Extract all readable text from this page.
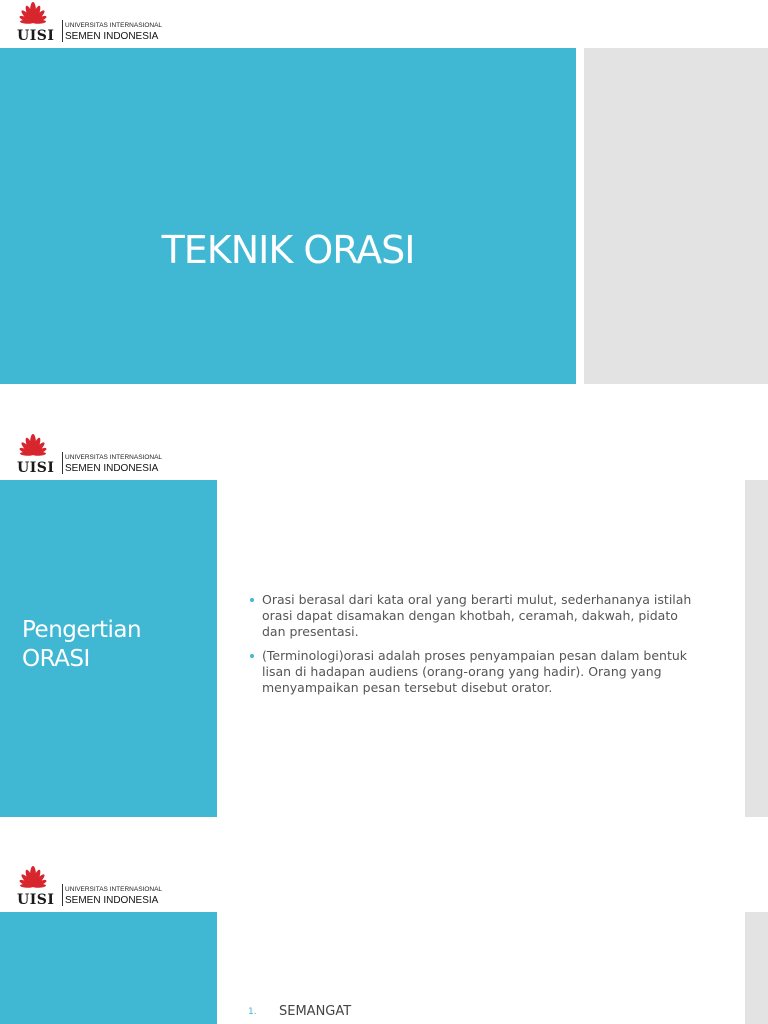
UISI
UNIVERSITAS INTERNASIONAL
SEMEN INDONESIA
TEKNIK ORASI
UISI
UNIVERSITAS INTERNASIONAL
SEMEN INDONESIA
Pengertian
ORASI
Orasi berasal dari kata oral yang berarti mulut, sederhananya istilah orasi dapat disamakan dengan khotbah, ceramah, dakwah, pidato dan presentasi.
(Terminologi)orasi adalah proses penyampaian pesan dalam bentuk lisan di hadapan audiens (orang-orang yang hadir). Orang yang menyampaikan pesan tersebut disebut orator.
UISI
UNIVERSITAS INTERNASIONAL
SEMEN INDONESIA
1. SEMANGAT
